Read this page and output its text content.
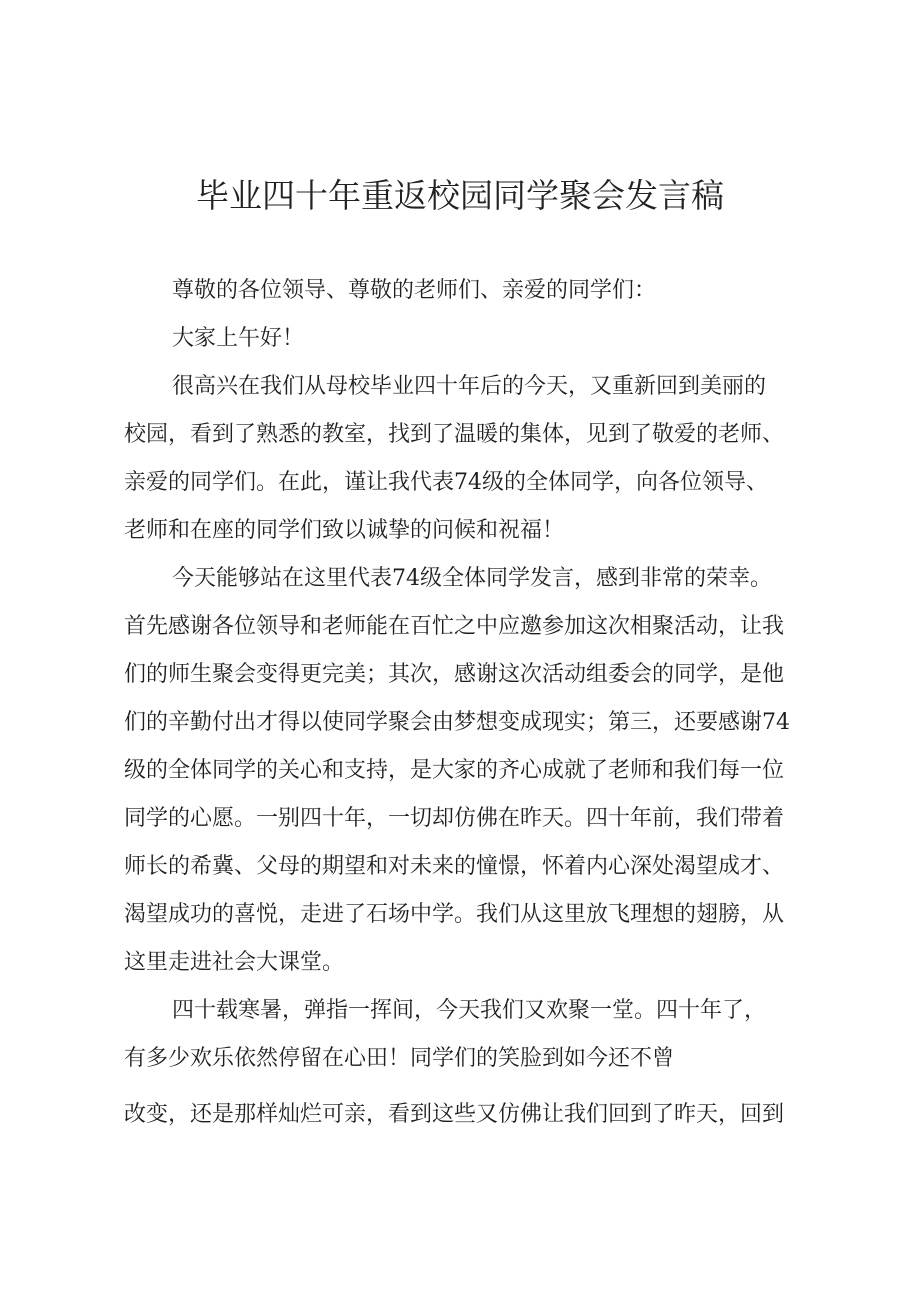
毕业四十年重返校园同学聚会发言稿
尊敬的各位领导、尊敬的老师们、亲爱的同学们：
大家上午好！
很高兴在我们从母校毕业四十年后的今天，又重新回到美丽的
校园，看到了熟悉的教室，找到了温暖的集体，见到了敬爱的老师、
亲爱的同学们。在此，谨让我代表74级的全体同学，向各位领导、
老师和在座的同学们致以诚挚的问候和祝福！
今天能够站在这里代表74级全体同学发言，感到非常的荣幸。
首先感谢各位领导和老师能在百忙之中应邀参加这次相聚活动，让我
们的师生聚会变得更完美；其次，感谢这次活动组委会的同学，是他
们的辛勤付出才得以使同学聚会由梦想变成现实；第三，还要感谢74
级的全体同学的关心和支持，是大家的齐心成就了老师和我们每一位
同学的心愿。一别四十年，一切却仿佛在昨天。四十年前，我们带着
师长的希冀、父母的期望和对未来的憧憬，怀着内心深处渴望成才、
渴望成功的喜悦，走进了石场中学。我们从这里放飞理想的翅膀，从
这里走进社会大课堂。
四十载寒暑，弹指一挥间，今天我们又欢聚一堂。四十年了，
有多少欢乐依然停留在心田！同学们的笑脸到如今还不曾
改变，还是那样灿烂可亲，看到这些又仿佛让我们回到了昨天，回到
